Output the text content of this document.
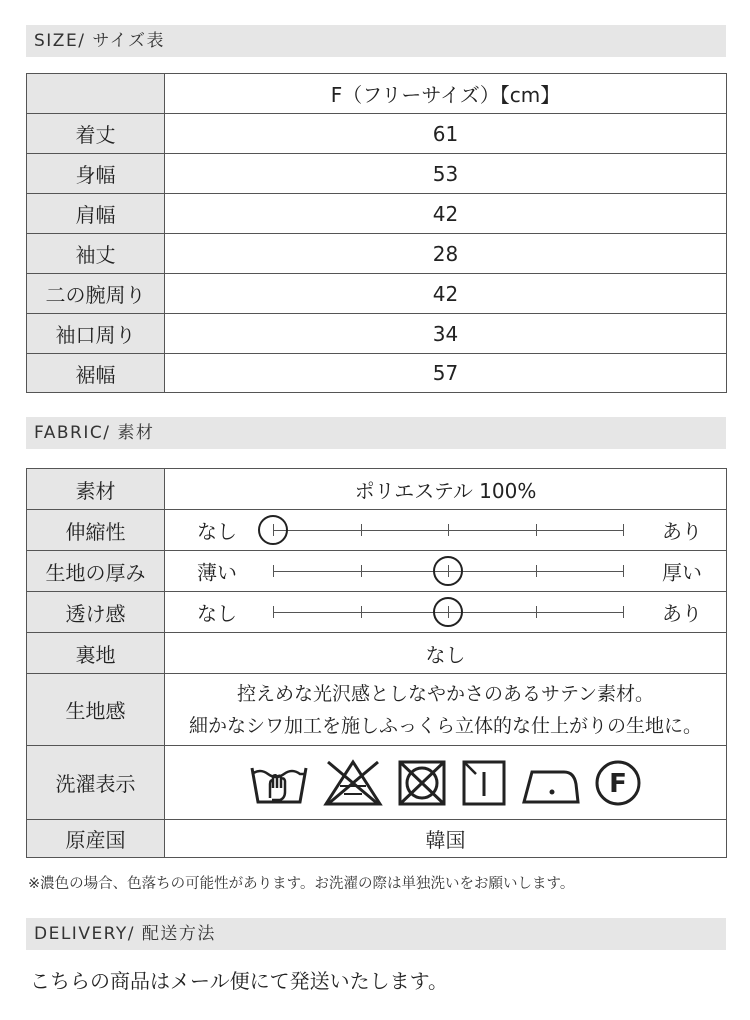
SIZE/ サイズ表
	F（フリーサイズ）【cm】
着丈	61
身幅	53
肩幅	42
袖丈	28
二の腕周り	42
袖口周り	34
裾幅	57
FABRIC/ 素材
素材	ポリエステル 100%
伸縮性	なし あり

生地の厚み	薄い 厚い

透け感	なし あり

裏地	なし
生地感	控えめな光沢感としなやかさのあるサテン素材。
細かなシワ加工を施しふっくら立体的な仕上がりの生地に。

洗濯表示	F

原産国	韓国
※濃色の場合、色落ちの可能性があります。お洗濯の際は単独洗いをお願いします。
DELIVERY/ 配送方法
こちらの商品はメール便にて発送いたします。
